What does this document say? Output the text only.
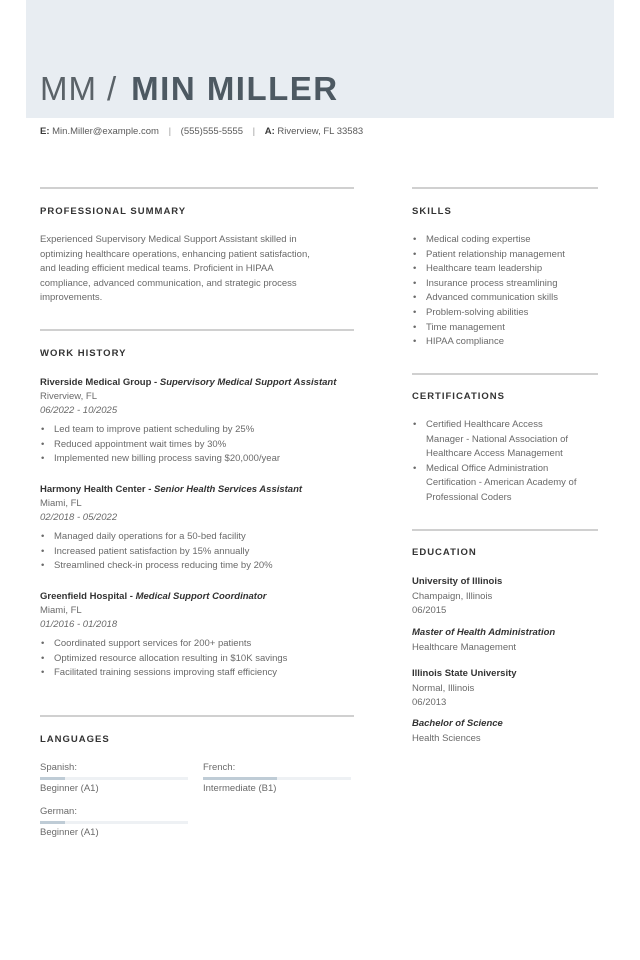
MM / MIN MILLER
E: Min.Miller@example.com | (555)555-5555 | A: Riverview, FL 33583
PROFESSIONAL SUMMARY
Experienced Supervisory Medical Support Assistant skilled in
optimizing healthcare operations, enhancing patient satisfaction,
and leading efficient medical teams. Proficient in HIPAA
compliance, advanced communication, and strategic process
improvements.
WORK HISTORY
Riverside Medical Group - Supervisory Medical Support Assistant
Riverview, FL
06/2022 - 10/2025
• Led team to improve patient scheduling by 25%
• Reduced appointment wait times by 30%
• Implemented new billing process saving $20,000/year
Harmony Health Center - Senior Health Services Assistant
Miami, FL
02/2018 - 05/2022
• Managed daily operations for a 50-bed facility
• Increased patient satisfaction by 15% annually
• Streamlined check-in process reducing time by 20%
Greenfield Hospital - Medical Support Coordinator
Miami, FL
01/2016 - 01/2018
• Coordinated support services for 200+ patients
• Optimized resource allocation resulting in $10K savings
• Facilitated training sessions improving staff efficiency
LANGUAGES
Spanish:
Beginner (A1)
French:
Intermediate (B1)
German:
Beginner (A1)
SKILLS
• Medical coding expertise
• Patient relationship management
• Healthcare team leadership
• Insurance process streamlining
• Advanced communication skills
• Problem-solving abilities
• Time management
• HIPAA compliance
CERTIFICATIONS
• Certified Healthcare Access
Manager - National Association of
Healthcare Access Management
• Medical Office Administration
Certification - American Academy of
Professional Coders
EDUCATION
University of Illinois
Champaign, Illinois
06/2015
Master of Health Administration
Healthcare Management
Illinois State University
Normal, Illinois
06/2013
Bachelor of Science
Health Sciences
